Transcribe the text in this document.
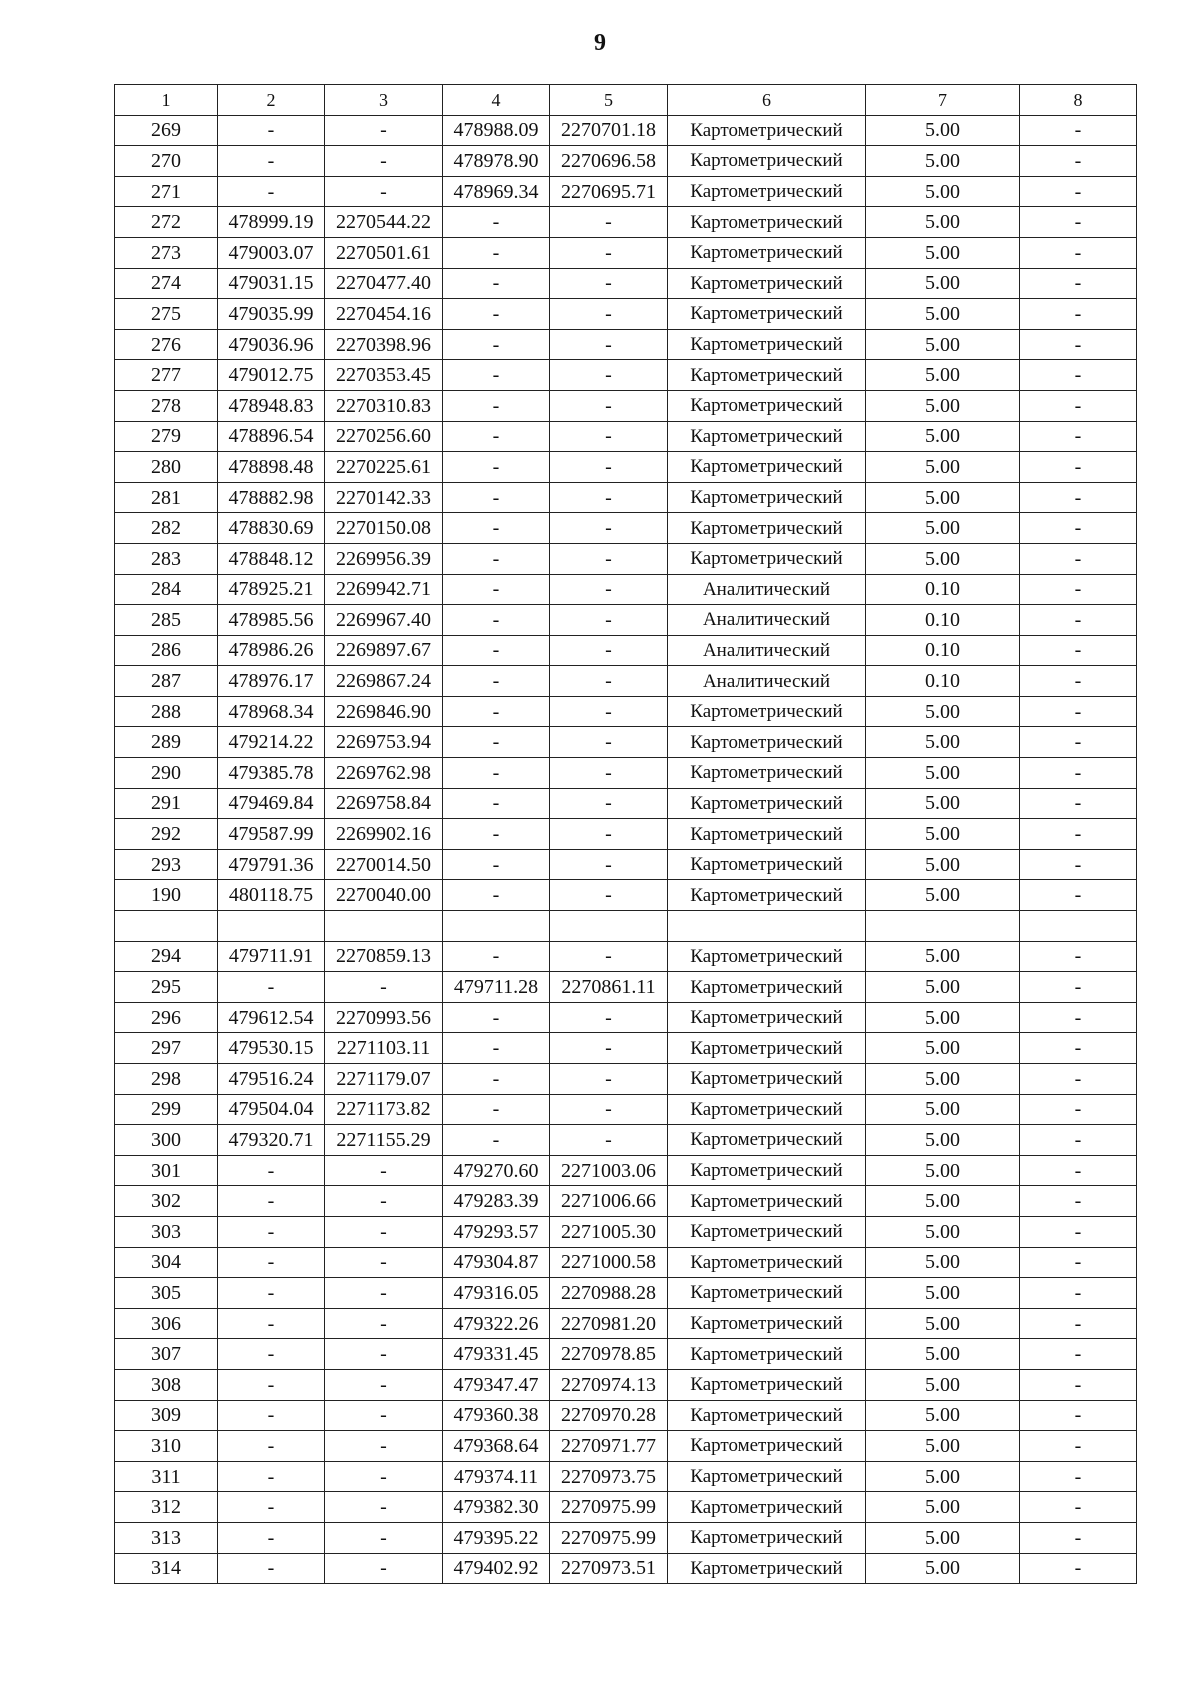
9
1	2	3	4	5	6	7	8
269	-	-	478988.09	2270701.18	Картометрический	5.00	-
270	-	-	478978.90	2270696.58	Картометрический	5.00	-
271	-	-	478969.34	2270695.71	Картометрический	5.00	-
272	478999.19	2270544.22	-	-	Картометрический	5.00	-
273	479003.07	2270501.61	-	-	Картометрический	5.00	-
274	479031.15	2270477.40	-	-	Картометрический	5.00	-
275	479035.99	2270454.16	-	-	Картометрический	5.00	-
276	479036.96	2270398.96	-	-	Картометрический	5.00	-
277	479012.75	2270353.45	-	-	Картометрический	5.00	-
278	478948.83	2270310.83	-	-	Картометрический	5.00	-
279	478896.54	2270256.60	-	-	Картометрический	5.00	-
280	478898.48	2270225.61	-	-	Картометрический	5.00	-
281	478882.98	2270142.33	-	-	Картометрический	5.00	-
282	478830.69	2270150.08	-	-	Картометрический	5.00	-
283	478848.12	2269956.39	-	-	Картометрический	5.00	-
284	478925.21	2269942.71	-	-	Аналитический	0.10	-
285	478985.56	2269967.40	-	-	Аналитический	0.10	-
286	478986.26	2269897.67	-	-	Аналитический	0.10	-
287	478976.17	2269867.24	-	-	Аналитический	0.10	-
288	478968.34	2269846.90	-	-	Картометрический	5.00	-
289	479214.22	2269753.94	-	-	Картометрический	5.00	-
290	479385.78	2269762.98	-	-	Картометрический	5.00	-
291	479469.84	2269758.84	-	-	Картометрический	5.00	-
292	479587.99	2269902.16	-	-	Картометрический	5.00	-
293	479791.36	2270014.50	-	-	Картометрический	5.00	-
190	480118.75	2270040.00	-	-	Картометрический	5.00	-

294	479711.91	2270859.13	-	-	Картометрический	5.00	-
295	-	-	479711.28	2270861.11	Картометрический	5.00	-
296	479612.54	2270993.56	-	-	Картометрический	5.00	-
297	479530.15	2271103.11	-	-	Картометрический	5.00	-
298	479516.24	2271179.07	-	-	Картометрический	5.00	-
299	479504.04	2271173.82	-	-	Картометрический	5.00	-
300	479320.71	2271155.29	-	-	Картометрический	5.00	-
301	-	-	479270.60	2271003.06	Картометрический	5.00	-
302	-	-	479283.39	2271006.66	Картометрический	5.00	-
303	-	-	479293.57	2271005.30	Картометрический	5.00	-
304	-	-	479304.87	2271000.58	Картометрический	5.00	-
305	-	-	479316.05	2270988.28	Картометрический	5.00	-
306	-	-	479322.26	2270981.20	Картометрический	5.00	-
307	-	-	479331.45	2270978.85	Картометрический	5.00	-
308	-	-	479347.47	2270974.13	Картометрический	5.00	-
309	-	-	479360.38	2270970.28	Картометрический	5.00	-
310	-	-	479368.64	2270971.77	Картометрический	5.00	-
311	-	-	479374.11	2270973.75	Картометрический	5.00	-
312	-	-	479382.30	2270975.99	Картометрический	5.00	-
313	-	-	479395.22	2270975.99	Картометрический	5.00	-
314	-	-	479402.92	2270973.51	Картометрический	5.00	-
